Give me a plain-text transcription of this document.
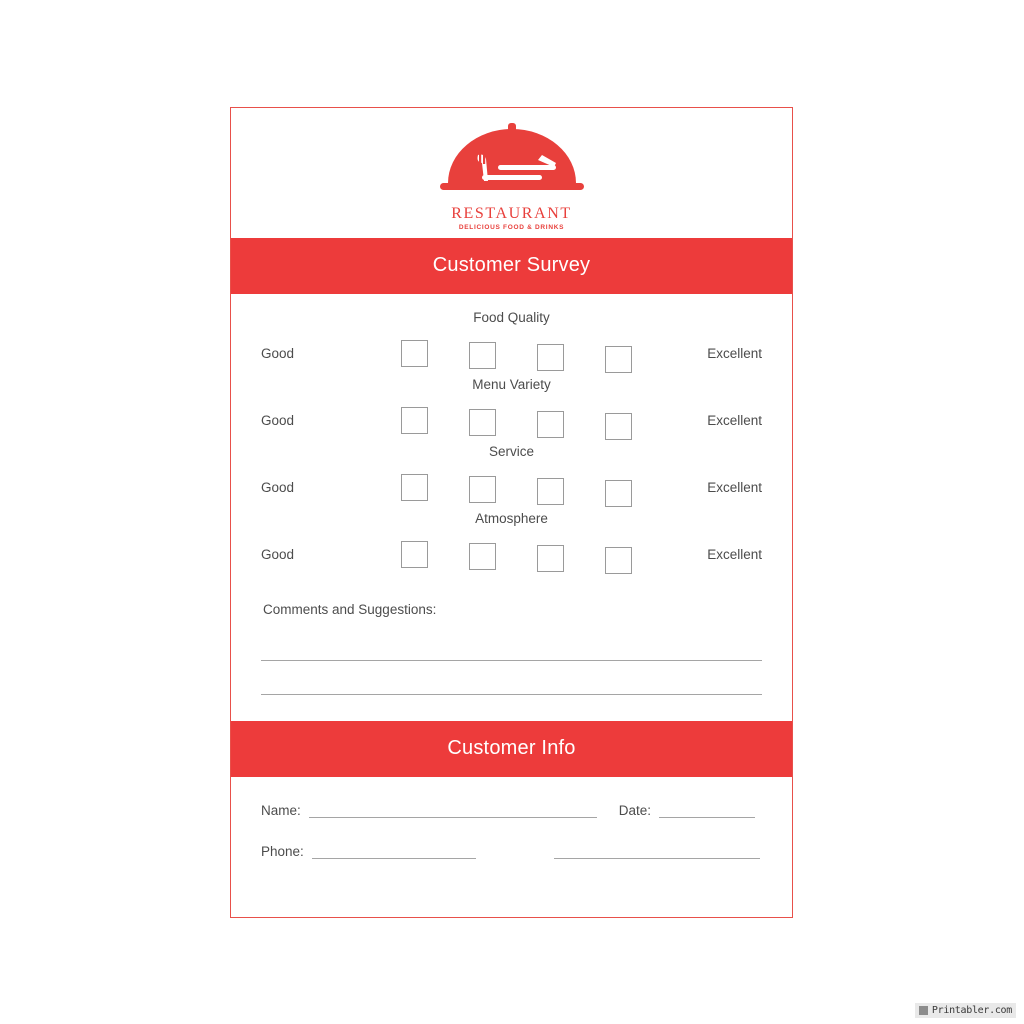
RESTAURANT
DELICIOUS FOOD & DRINKS
Customer Survey
Food Quality
Good	Excellent
Menu Variety
Good	Excellent
Service
Good	Excellent
Atmosphere
Good	Excellent
Comments and Suggestions:
Customer Info
Name:	Date:
Phone:
Printabler.com
